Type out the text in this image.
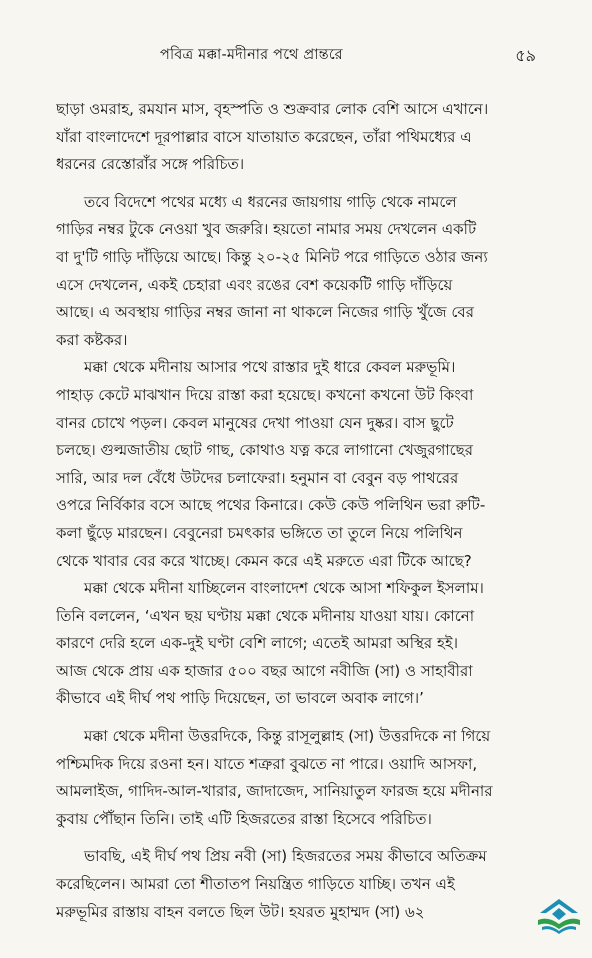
পবিত্র মক্কা-মদীনার পথে প্রান্তরে	৫৯
ছাড়া ওমরাহ, রমযান মাস, বৃহস্পতি ও শুক্রবার লোক বেশি আসে এখানে।
যাঁরা বাংলাদেশে দূরপাল্লার বাসে যাতায়াত করেছেন, তাঁরা পথিমধ্যের এ
ধরনের রেস্তোরাঁর সঙ্গে পরিচিত।
তবে বিদেশে পথের মধ্যে এ ধরনের জায়গায় গাড়ি থেকে নামলে
গাড়ির নম্বর টুকে নেওয়া খুব জরুরি। হয়তো নামার সময় দেখলেন একটি
বা দু'টি গাড়ি দাঁড়িয়ে আছে। কিন্তু ২০-২৫ মিনিট পরে গাড়িতে ওঠার জন্য
এসে দেখলেন, একই চেহারা এবং রঙের বেশ কয়েকটি গাড়ি দাঁড়িয়ে
আছে। এ অবস্থায় গাড়ির নম্বর জানা না থাকলে নিজের গাড়ি খুঁজে বের
করা কষ্টকর।
মক্কা থেকে মদীনায় আসার পথে রাস্তার দুই ধারে কেবল মরুভূমি।
পাহাড় কেটে মাঝখান দিয়ে রাস্তা করা হয়েছে। কখনো কখনো উট কিংবা
বানর চোখে পড়ল। কেবল মানুষের দেখা পাওয়া যেন দুষ্কর। বাস ছুটে
চলছে। গুল্মজাতীয় ছোট গাছ, কোথাও যত্ন করে লাগানো খেজুরগাছের
সারি, আর দল বেঁধে উটদের চলাফেরা। হনুমান বা বেবুন বড় পাথরের
ওপরে নির্বিকার বসে আছে পথের কিনারে। কেউ কেউ পলিথিন ভরা রুটি-
কলা ছুঁড়ে মারছেন। বেবুনেরা চমৎকার ভঙ্গিতে তা তুলে নিয়ে পলিথিন
থেকে খাবার বের করে খাচ্ছে। কেমন করে এই মরুতে এরা টিকে আছে?
মক্কা থেকে মদীনা যাচ্ছিলেন বাংলাদেশ থেকে আসা শফিকুল ইসলাম।
তিনি বললেন, ‘এখন ছয় ঘণ্টায় মক্কা থেকে মদীনায় যাওয়া যায়। কোনো
কারণে দেরি হলে এক-দুই ঘণ্টা বেশি লাগে; এতেই আমরা অস্থির হই।
আজ থেকে প্রায় এক হাজার ৫০০ বছর আগে নবীজি (সা) ও সাহাবীরা
কীভাবে এই দীর্ঘ পথ পাড়ি দিয়েছেন, তা ভাবলে অবাক লাগে।’
মক্কা থেকে মদীনা উত্তরদিকে, কিন্তু রাসূলুল্লাহ (সা) উত্তরদিকে না গিয়ে
পশ্চিমদিক দিয়ে রওনা হন। যাতে শত্রুরা বুঝতে না পারে। ওয়াদি আসফা,
আমলাইজ, গাদিদ-আল-খারার, জাদাজেদ, সানিয়াতুল ফারজ হয়ে মদীনার
কুবায় পৌঁছান তিনি। তাই এটি হিজরতের রাস্তা হিসেবে পরিচিত।
ভাবছি, এই দীর্ঘ পথ প্রিয় নবী (সা) হিজরতের সময় কীভাবে অতিক্রম
করেছিলেন। আমরা তো শীতাতপ নিয়ন্ত্রিত গাড়িতে যাচ্ছি। তখন এই
মরুভূমির রাস্তায় বাহন বলতে ছিল উট। হযরত মুহাম্মদ (সা) ৬২
